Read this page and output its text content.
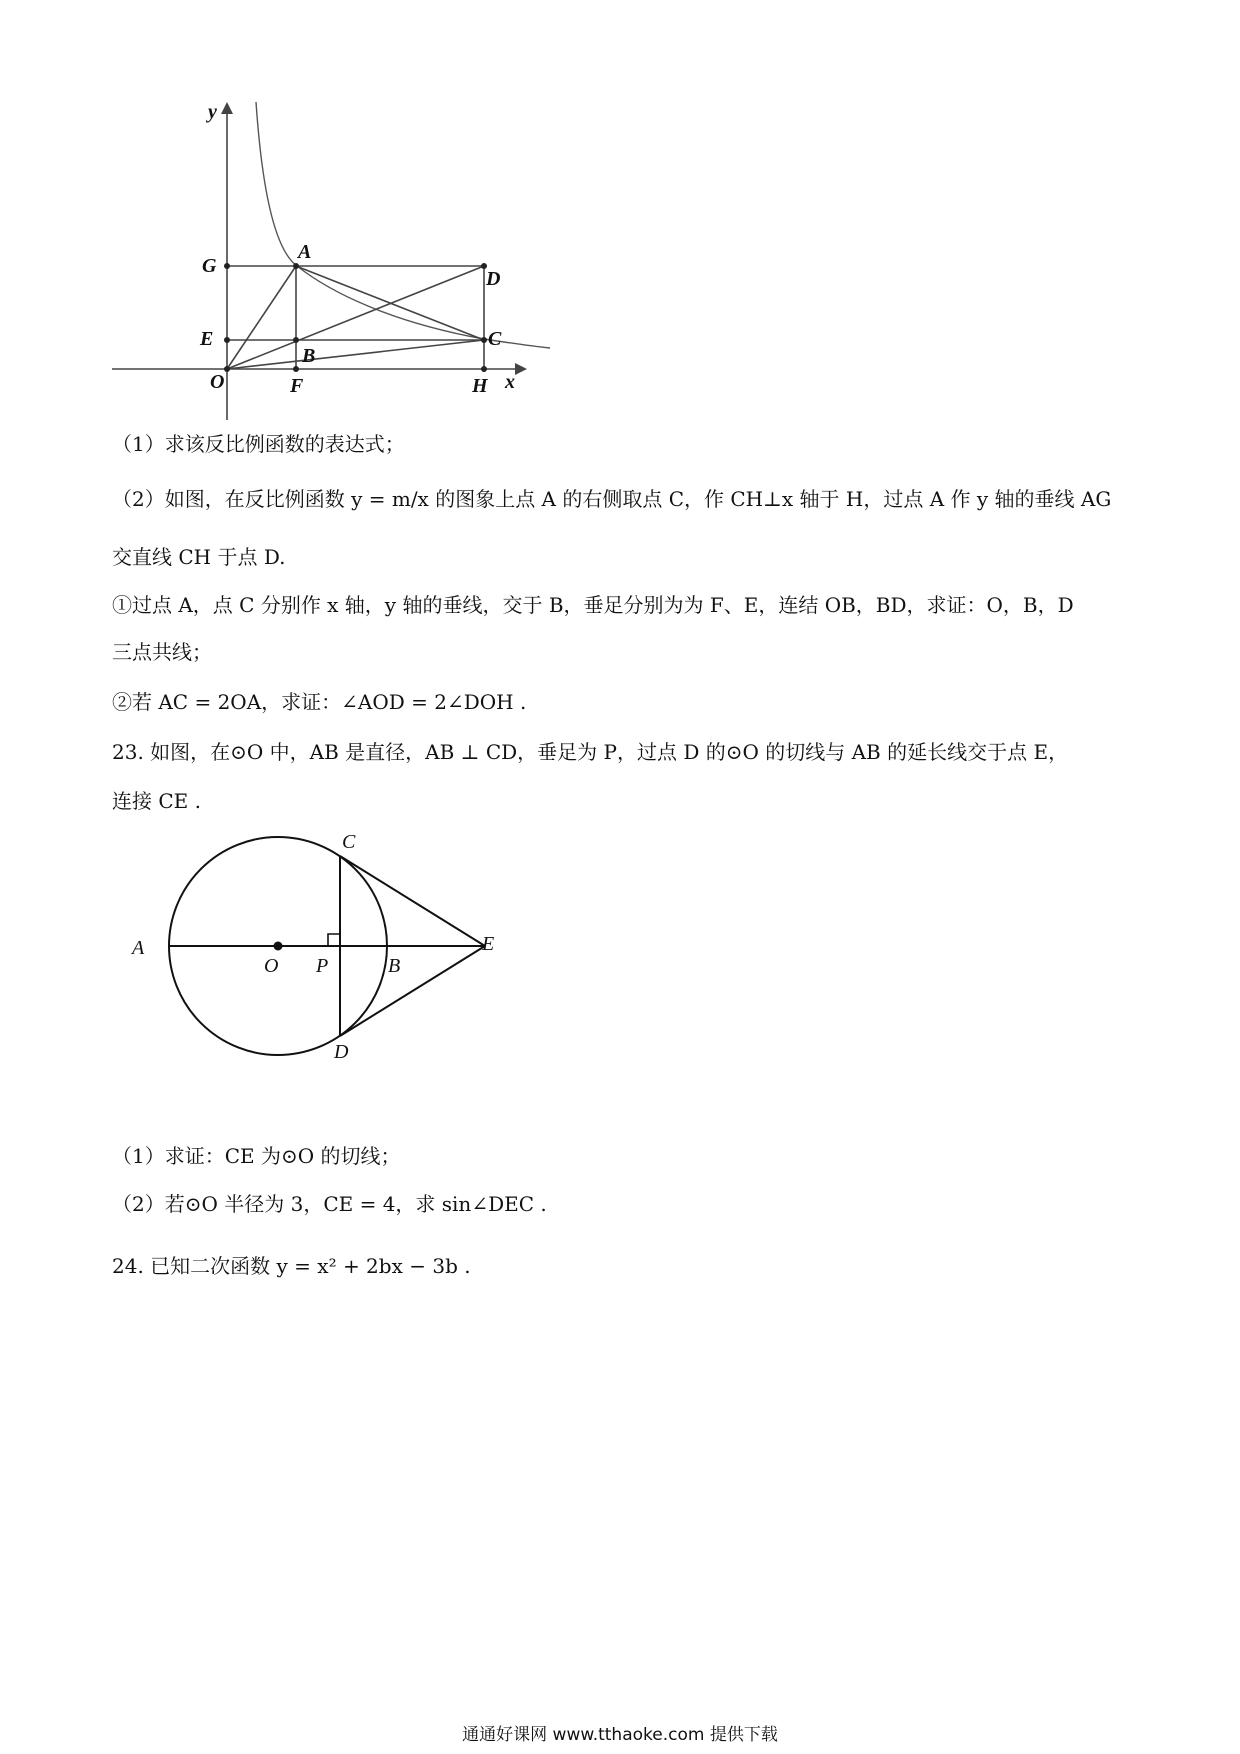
y
x
O
A
B
C
D
E
F
G
H
（1）求该反比例函数的表达式；
（2）如图，在反比例函数 y = m/x 的图象上点 A 的右侧取点 C，作 CH⊥x 轴于 H，过点 A 作 y 轴的垂线 AG
交直线 CH 于点 D.
①过点 A，点 C 分别作 x 轴，y 轴的垂线，交于 B，垂足分别为为 F、E，连结 OB，BD，求证：O，B，D
三点共线；
②若 AC = 2OA，求证：∠AOD = 2∠DOH .
23. 如图，在⊙O 中，AB 是直径，AB ⊥ CD，垂足为 P，过点 D 的⊙O 的切线与 AB 的延长线交于点 E，
连接 CE .
A
O P	B
C
D
E
（1）求证：CE 为⊙O 的切线；
（2）若⊙O 半径为 3，CE = 4，求 sin∠DEC .
24. 已知二次函数 y = x² + 2bx − 3b .
通通好课网 www.tthaoke.com 提供下载
